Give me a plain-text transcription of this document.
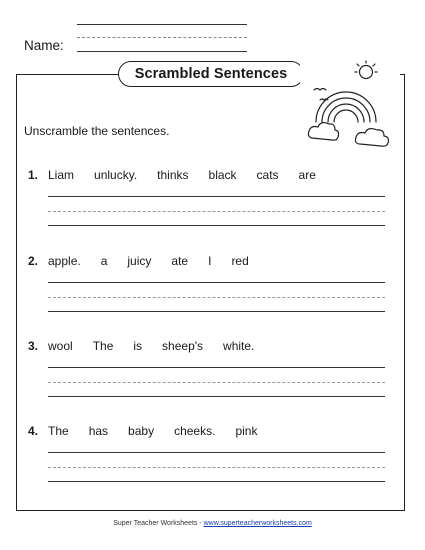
Name:
Scrambled Sentences
Unscramble the sentences.
1. Liam unlucky. thinks black cats are
2. apple. a juicy ate I red
3. wool The is sheep's white.
4. The has baby cheeks. pink
Super Teacher Worksheets - www.superteacherworksheets.com
